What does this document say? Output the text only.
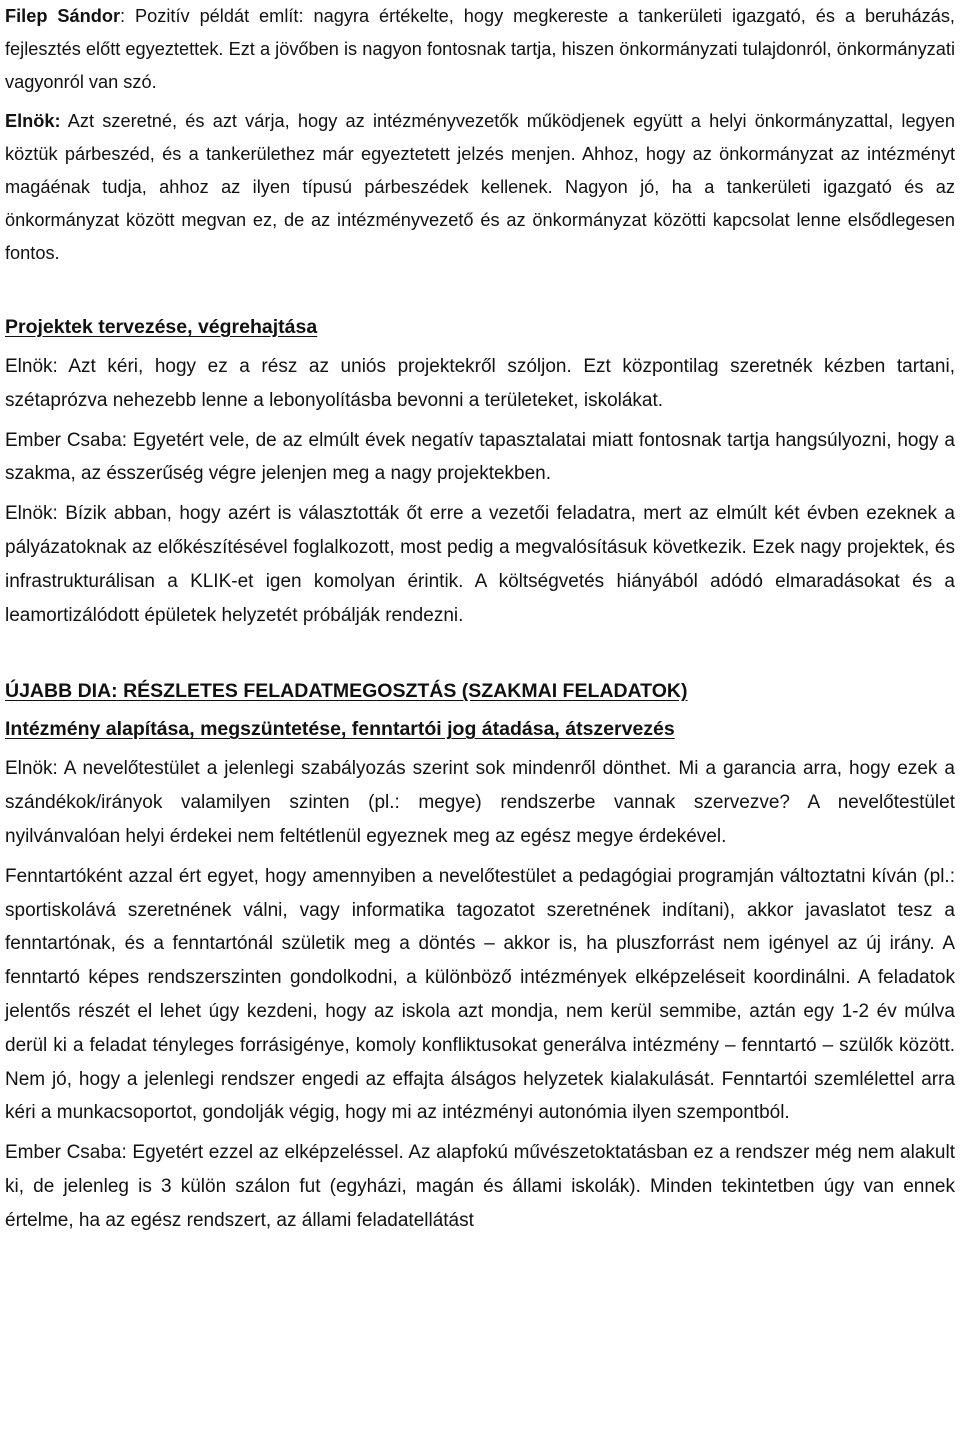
Filep Sándor: Pozitív példát említ: nagyra értékelte, hogy megkereste a tankerületi igazgató, és a beruházás, fejlesztés előtt egyeztettek. Ezt a jövőben is nagyon fontosnak tartja, hiszen önkormányzati tulajdonról, önkormányzati vagyonról van szó.

Elnök: Azt szeretné, és azt várja, hogy az intézményvezetők működjenek együtt a helyi önkormányzattal, legyen köztük párbeszéd, és a tankerülethez már egyeztetett jelzés menjen. Ahhoz, hogy az önkormányzat az intézményt magáénak tudja, ahhoz az ilyen típusú párbeszédek kellenek. Nagyon jó, ha a tankerületi igazgató és az önkormányzat között megvan ez, de az intézményvezető és az önkormányzat közötti kapcsolat lenne elsődlegesen fontos.

Projektek tervezése, végrehajtása

Elnök: Azt kéri, hogy ez a rész az uniós projektekről szóljon. Ezt központilag szeretnék kézben tartani, szétaprózva nehezebb lenne a lebonyolításba bevonni a területeket, iskolákat.

Ember Csaba: Egyetért vele, de az elmúlt évek negatív tapasztalatai miatt fontosnak tartja hangsúlyozni, hogy a szakma, az ésszerűség végre jelenjen meg a nagy projektekben.

Elnök: Bízik abban, hogy azért is választották őt erre a vezetői feladatra, mert az elmúlt két évben ezeknek a pályázatoknak az előkészítésével foglalkozott, most pedig a megvalósításuk következik. Ezek nagy projektek, és infrastrukturálisan a KLIK-et igen komolyan érintik. A költségvetés hiányából adódó elmaradásokat és a leamortizálódott épületek helyzetét próbálják rendezni.

ÚJABB DIA: RÉSZLETES FELADATMEGOSZTÁS (SZAKMAI FELADATOK)

Intézmény alapítása, megszüntetése, fenntartói jog átadása, átszervezés

Elnök: A nevelőtestület a jelenlegi szabályozás szerint sok mindenről dönthet. Mi a garancia arra, hogy ezek a szándékok/irányok valamilyen szinten (pl.: megye) rendszerbe vannak szervezve? A nevelőtestület nyilvánvalóan helyi érdekei nem feltétlenül egyeznek meg az egész megye érdekével.

Fenntartóként azzal ért egyet, hogy amennyiben a nevelőtestület a pedagógiai programján változtatni kíván (pl.: sportiskolává szeretnének válni, vagy informatika tagozatot szeretnének indítani), akkor javaslatot tesz a fenntartónak, és a fenntartónál születik meg a döntés – akkor is, ha pluszforrást nem igényel az új irány. A fenntartó képes rendszerszinten gondolkodni, a különböző intézmények elképzeléseit koordinálni. A feladatok jelentős részét el lehet úgy kezdeni, hogy az iskola azt mondja, nem kerül semmibe, aztán egy 1-2 év múlva derül ki a feladat tényleges forrásigénye, komoly konfliktusokat generálva intézmény – fenntartó – szülők között. Nem jó, hogy a jelenlegi rendszer engedi az effajta álságos helyzetek kialakulását. Fenntartói szemlélettel arra kéri a munkacsoportot, gondolják végig, hogy mi az intézményi autonómia ilyen szempontból.

Ember Csaba: Egyetért ezzel az elképzeléssel. Az alapfokú művészetoktatásban ez a rendszer még nem alakult ki, de jelenleg is 3 külön szálon fut (egyházi, magán és állami iskolák). Minden tekintetben úgy van ennek értelme, ha az egész rendszert, az állami feladatellátást
